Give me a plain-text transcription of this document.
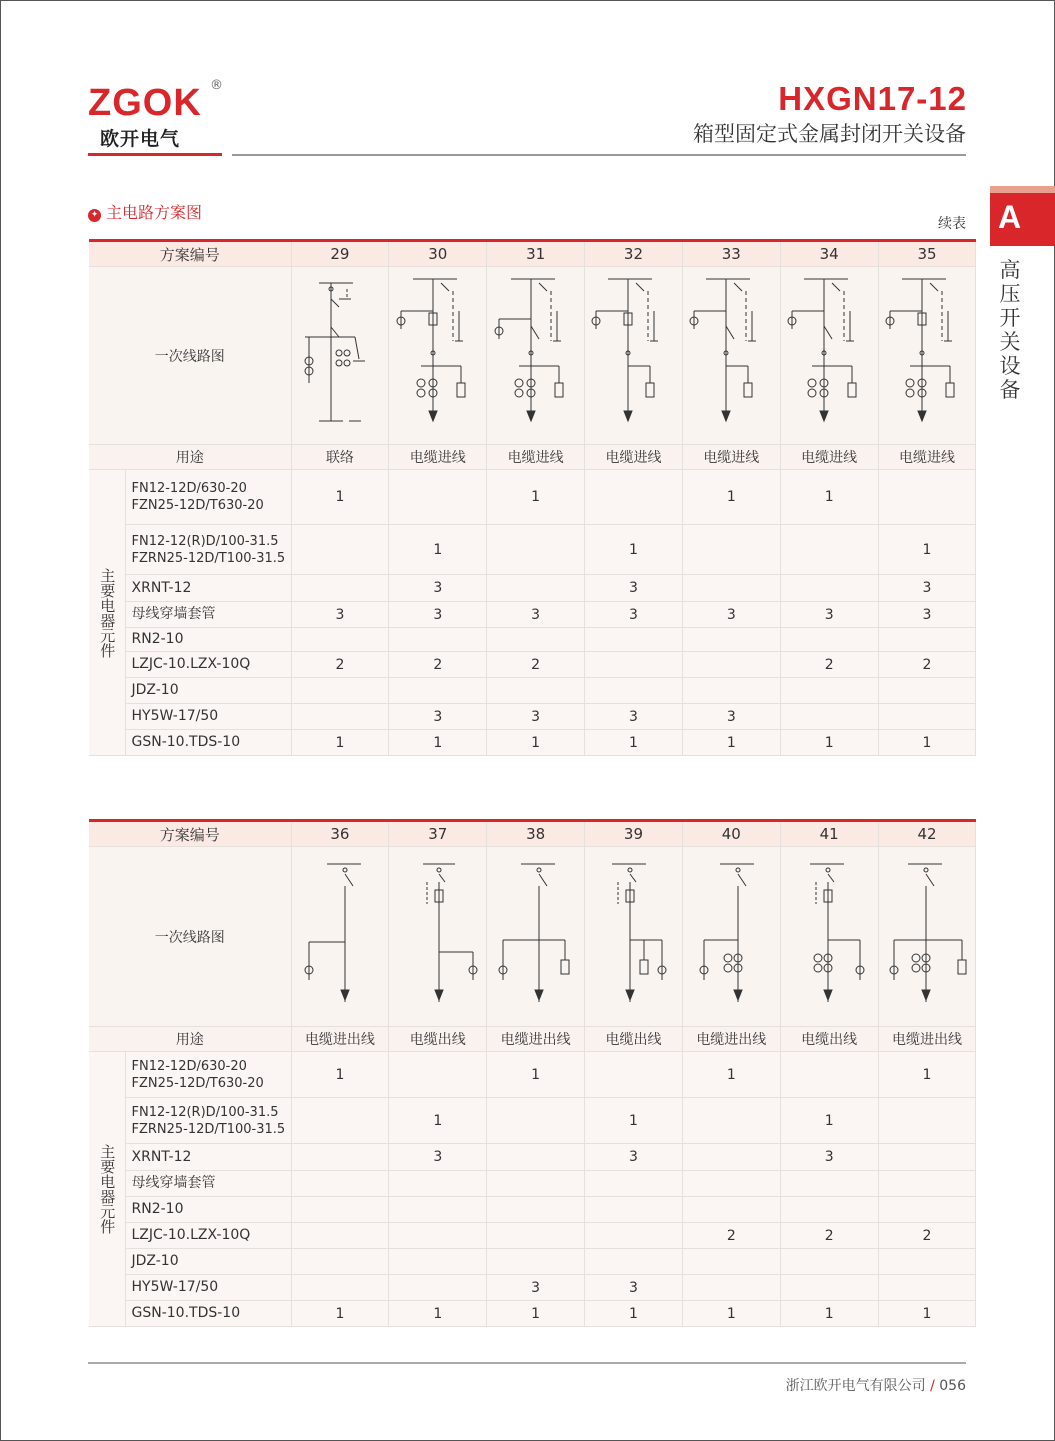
ZGOK ®
欧开电气
HXGN17-12
箱型固定式金属封闭开关设备
✦ 主电路方案图
续表 A
高压开关设备
方案编号		29	30	31	32	33	34	35
一次线路图	

用途		联络	电缆进线	电缆进线	电缆进线	电缆进线	电缆进线	电缆进线
主要电器元件	FN12-12D/630-20
FZN25-12D/T630-20	1		1		1	1	
	FN12-12(R)D/100-31.5
FZRN25-12D/T100-31.5		1		1			1
	XRNT-12		3		3			3
	母线穿墙套管	3	3	3	3	3	3	3
	RN2-10							
	LZJC-10.LZX-10Q	2	2	2			2	2
	JDZ-10							
	HY5W-17/50		3	3	3	3		
	GSN-10.TDS-10	1	1	1	1	1	1	1
方案编号		36	37	38	39	40	41	42
一次线路图	

用途		电缆进出线	电缆出线	电缆进出线	电缆出线	电缆进出线	电缆出线	电缆进出线
主要电器元件	FN12-12D/630-20
FZN25-12D/T630-20	1		1		1		1
	FN12-12(R)D/100-31.5
FZRN25-12D/T100-31.5		1		1		1	
	XRNT-12		3		3		3	
	母线穿墙套管							
	RN2-10							
	LZJC-10.LZX-10Q					2	2	2
	JDZ-10							
	HY5W-17/50			3	3			
	GSN-10.TDS-10	1	1	1	1	1	1	1
浙江欧开电气有限公司 / 056
